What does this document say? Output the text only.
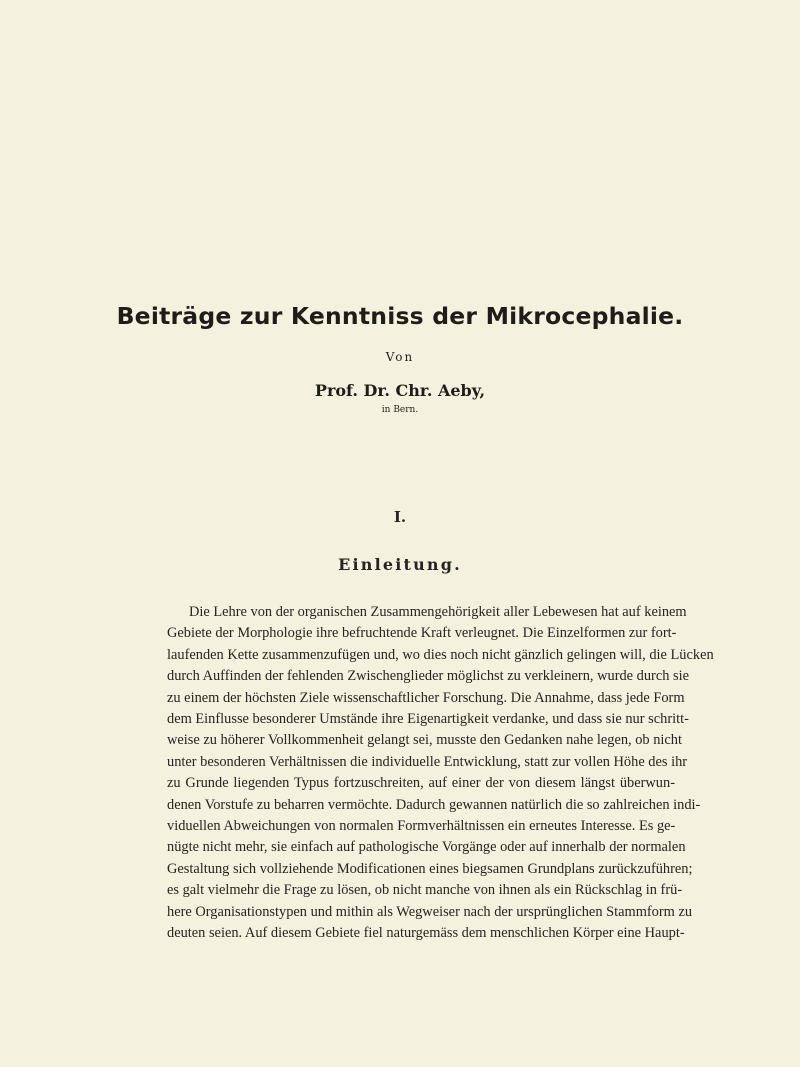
Beiträge zur Kenntniss der Mikrocephalie.
Von
Prof. Dr. Chr. Aeby,
in Bern.
I.
Einleitung.
Die Lehre von der organischen Zusammengehörigkeit aller Lebewesen hat auf keinem
Gebiete der Morphologie ihre befruchtende Kraft verleugnet. Die Einzelformen zur fort-
laufenden Kette zusammenzufügen und, wo dies noch nicht gänzlich gelingen will, die Lücken
durch Auffinden der fehlenden Zwischenglieder möglichst zu verkleinern, wurde durch sie
zu einem der höchsten Ziele wissenschaftlicher Forschung. Die Annahme, dass jede Form
dem Einflusse besonderer Umstände ihre Eigenartigkeit verdanke, und dass sie nur schritt-
weise zu höherer Vollkommenheit gelangt sei, musste den Gedanken nahe legen, ob nicht
unter besonderen Verhältnissen die individuelle Entwicklung, statt zur vollen Höhe des ihr
zu Grunde liegenden Typus fortzuschreiten, auf einer der von diesem längst überwun-
denen Vorstufe zu beharren vermöchte. Dadurch gewannen natürlich die so zahlreichen indi-
viduellen Abweichungen von normalen Formverhältnissen ein erneutes Interesse. Es ge-
nügte nicht mehr, sie einfach auf pathologische Vorgänge oder auf innerhalb der normalen
Gestaltung sich vollziehende Modificationen eines biegsamen Grundplans zurückzuführen;
es galt vielmehr die Frage zu lösen, ob nicht manche von ihnen als ein Rückschlag in frü-
here Organisationstypen und mithin als Wegweiser nach der ursprünglichen Stammform zu
deuten seien. Auf diesem Gebiete fiel naturgemäss dem menschlichen Körper eine Haupt-
